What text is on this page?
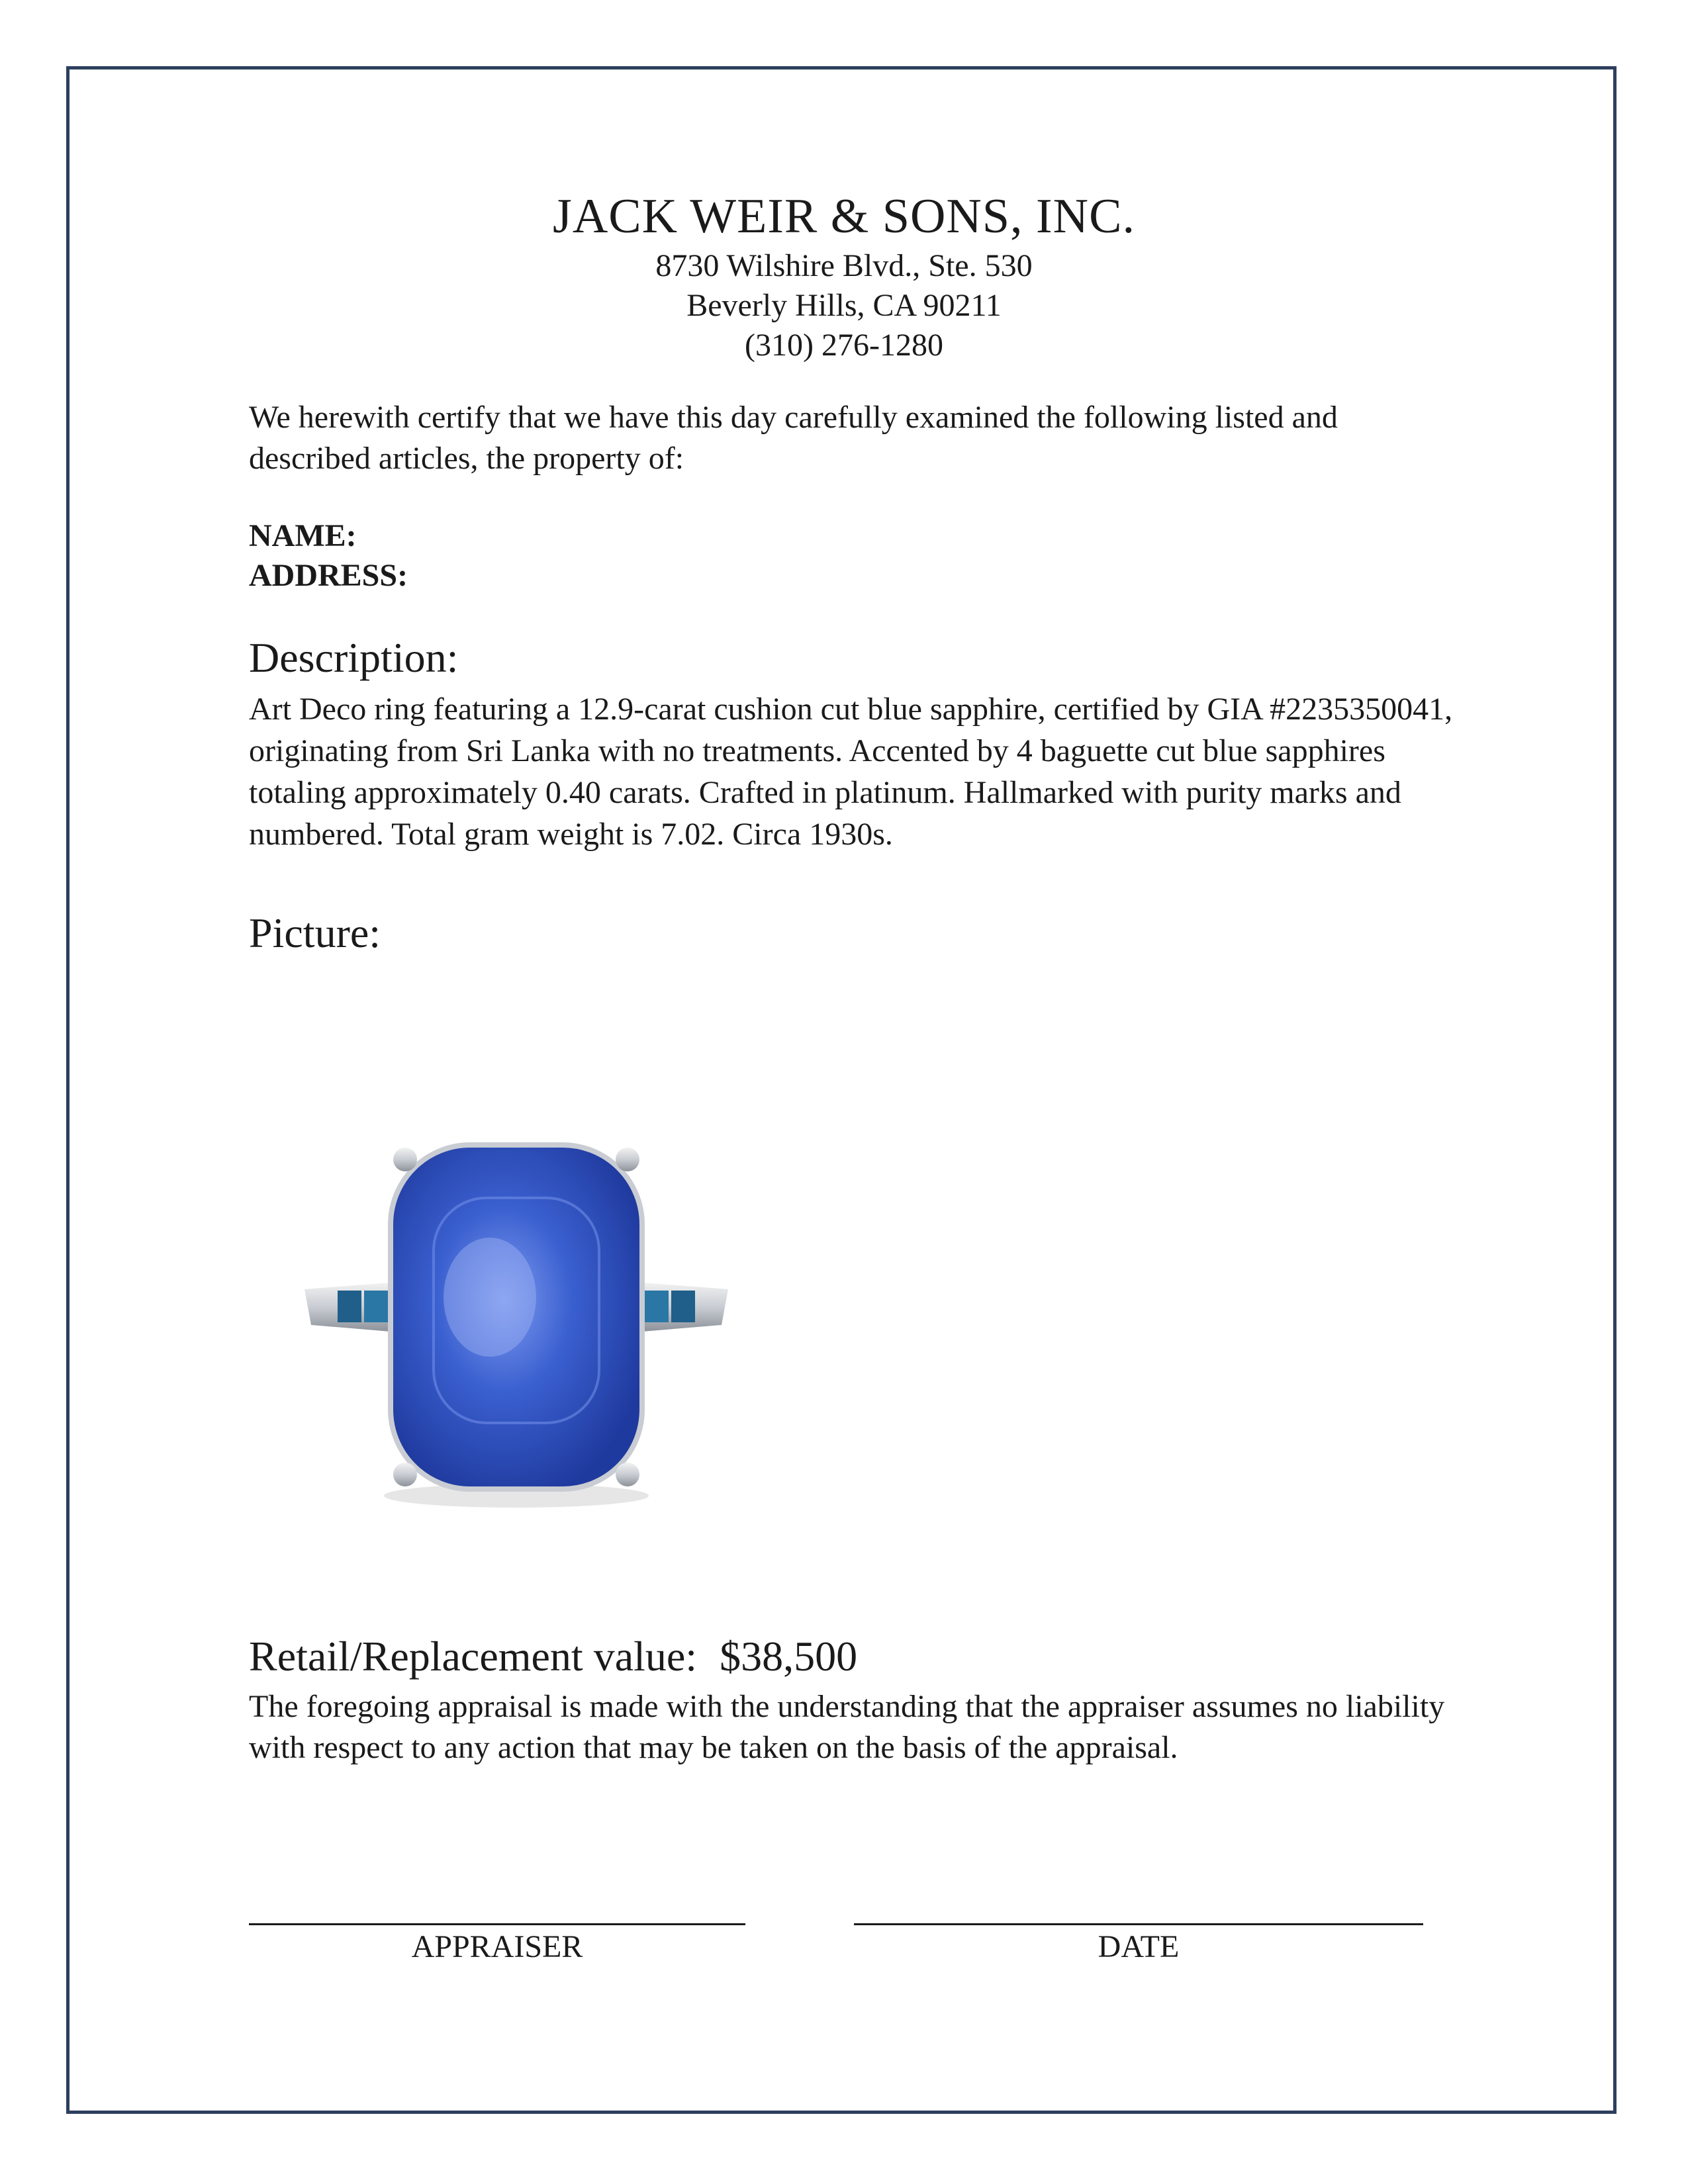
JACK WEIR & SONS, INC.
8730 Wilshire Blvd., Ste. 530
Beverly Hills, CA 90211
(310) 276-1280
We herewith certify that we have this day carefully examined the following listed and described articles, the property of:
NAME:
ADDRESS:
Description:
Art Deco ring featuring a 12.9-carat cushion cut blue sapphire, certified by GIA #2235350041, originating from Sri Lanka with no treatments. Accented by 4 baguette cut blue sapphires totaling approximately 0.40 carats. Crafted in platinum. Hallmarked with purity marks and numbered. Total gram weight is 7.02. Circa 1930s.
Picture:
Retail/Replacement value: $38,500
The foregoing appraisal is made with the understanding that the appraiser assumes no liability with respect to any action that may be taken on the basis of the appraisal.
APPRAISER	DATE
